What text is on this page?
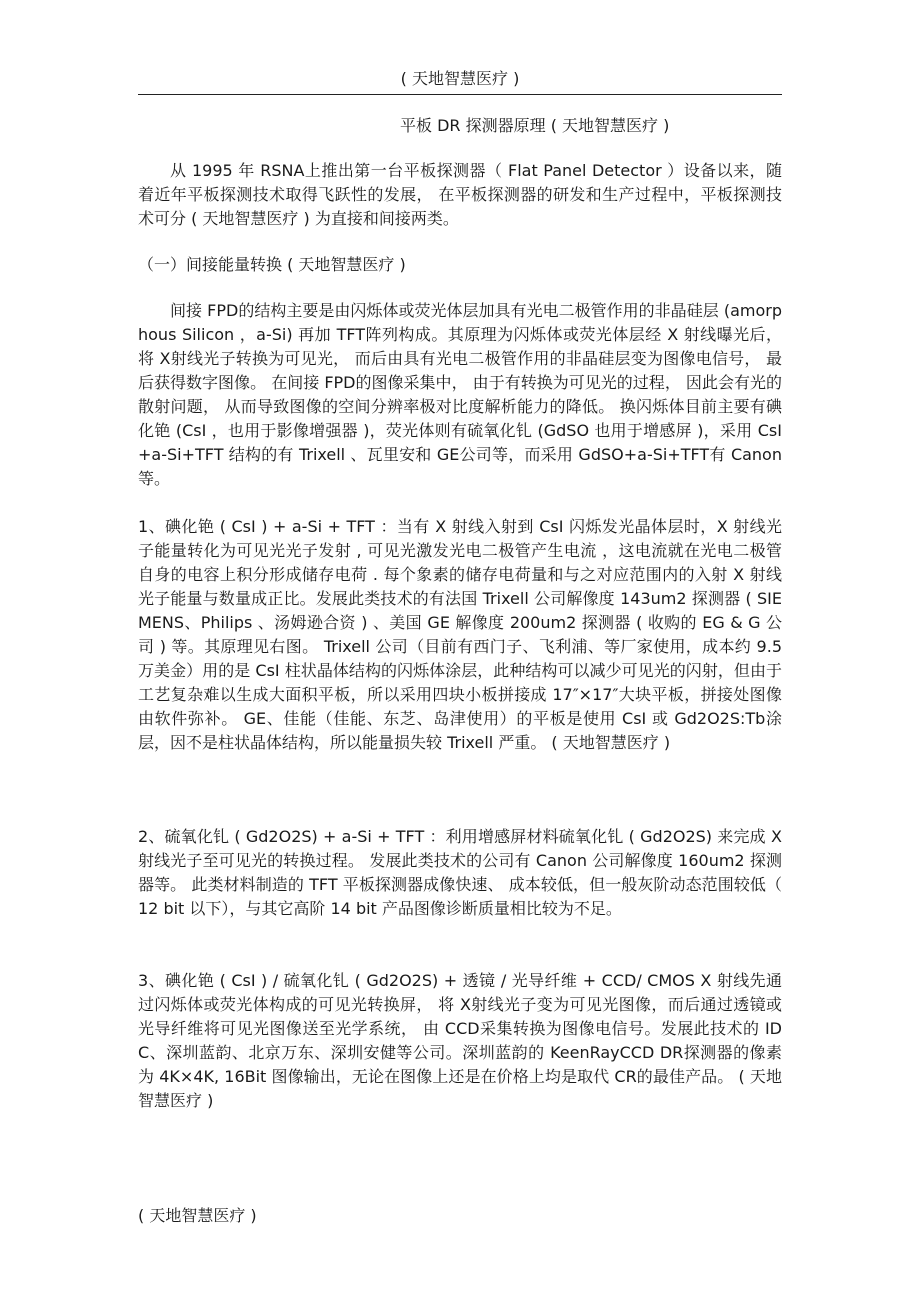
( 天地智慧医疗 )
平板 DR 探测器原理 ( 天地智慧医疗 )

从 1995 年 RSNA上推出第一台平板探测器（ Flat Panel Detector ）设备以来，随着近年平板探测技术取得飞跃性的发展， 在平板探测器的研发和生产过程中，平板探测技术可分 ( 天地智慧医疗 ) 为直接和间接两类。

（一）间接能量转换 ( 天地智慧医疗 )

间接 FPD的结构主要是由闪烁体或荧光体层加具有光电二极管作用的非晶硅层 (amorphous Silicon ，a-Si) 再加 TFT阵列构成。其原理为闪烁体或荧光体层经 X 射线曝光后， 将 X射线光子转换为可见光， 而后由具有光电二极管作用的非晶硅层变为图像电信号， 最后获得数字图像。 在间接 FPD的图像采集中， 由于有转换为可见光的过程， 因此会有光的散射问题， 从而导致图像的空间分辨率极对比度解析能力的降低。 换闪烁体目前主要有碘化铯 (CsI ，也用于影像增强器 )，荧光体则有硫氧化钆 (GdSO 也用于增感屏 )，采用 CsI+a-Si+TFT 结构的有 Trixell 、瓦里安和 GE公司等，而采用 GdSO+a-Si+TFT有 Canon等。

1、碘化铯 ( CsI ) + a-Si + TFT ：当有 X 射线入射到 CsI 闪烁发光晶体层时，X 射线光子能量转化为可见光光子发射 , 可见光激发光电二极管产生电流 ，这电流就在光电二极管自身的电容上积分形成储存电荷 . 每个象素的储存电荷量和与之对应范围内的入射 X 射线光子能量与数量成正比。发展此类技术的有法国 Trixell 公司解像度 143um2 探测器 ( SIEMENS、Philips 、汤姆逊合资 ) 、美国 GE 解像度 200um2 探测器 ( 收购的 EG & G 公司 ) 等。其原理见右图。 Trixell 公司（目前有西门子、飞利浦、等厂家使用，成本约 9.5 万美金）用的是 CsI 柱状晶体结构的闪烁体涂层，此种结构可以减少可见光的闪射，但由于工艺复杂难以生成大面积平板，所以采用四块小板拼接成 17″×17″大块平板，拼接处图像由软件弥补。 GE、佳能（佳能、东芝、岛津使用）的平板是使用 CsI 或 Gd2O2S:Tb涂层，因不是柱状晶体结构，所以能量损失较 Trixell 严重。 ( 天地智慧医疗 )

2、硫氧化钆 ( Gd2O2S) + a-Si + TFT ：利用增感屏材料硫氧化钆 ( Gd2O2S) 来完成 X 射线光子至可见光的转换过程。 发展此类技术的公司有 Canon 公司解像度 160um2 探测器等。 此类材料制造的 TFT 平板探测器成像快速、 成本较低，但一般灰阶动态范围较低（ 12 bit 以下），与其它高阶 14 bit 产品图像诊断质量相比较为不足。

3、碘化铯 ( CsI ) / 硫氧化钆 ( Gd2O2S) + 透镜 / 光导纤维 + CCD/ CMOS X 射线先通过闪烁体或荧光体构成的可见光转换屏， 将 X射线光子变为可见光图像，而后通过透镜或光导纤维将可见光图像送至光学系统， 由 CCD采集转换为图像电信号。发展此技术的 IDC、深圳蓝韵、北京万东、深圳安健等公司。深圳蓝韵的 KeenRayCCD DR探测器的像素为 4K×4K, 16Bit 图像输出，无论在图像上还是在价格上均是取代 CR的最佳产品。 ( 天地智慧医疗 )

( 天地智慧医疗 )
